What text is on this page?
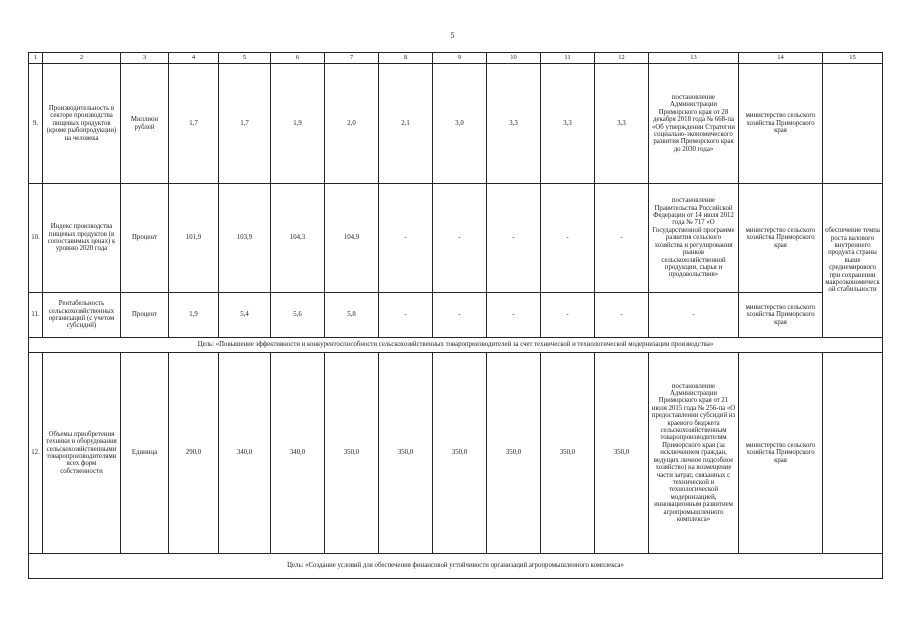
5
1	2	3	4	5	6	7	8	9	10	11	12	13	14	15
9.	Производительность в секторе производства пищевых продуктов (кроме рыбопродукции) на человека	Миллион рублей	1,7	1,7	1,9	2,0	2,1	3,0	3,3	3,3	3,3	постановление Администрации Приморского края от 28 декабря 2018 года № 668-па «Об утверждении Стратегии социально-экономического развития Приморского края до 2030 года»	министерство сельского хозяйства Приморского края	
10.	Индекс производства пищевых продуктов (в сопоставимых ценах) к уровню 2020 года	Процент	101,9	103,9	104,3	104,9	-	-	-	-	-	постановление Правительства Российской Федерации от 14 июля 2012 года № 717 «О Государственной программе развития сельского хозяйства и регулирования рынков сельскохозяйственной продукции, сырья и продовольствия»	министерство сельского хозяйства Приморского края	обеспечение темпа роста валового внутреннего продукта страны выше среднемирового при сохранении макроэкономической стабильности
11.	Рентабельность сельскохозяйственных организаций (с учетом субсидий)	Процент	1,9	5,4	5,6	5,8	-	-	-	-	-	-	министерство сельского хозяйства Приморского края	
Цель: «Повышение эффективности и конкурентоспособности сельскохозяйственных товаропроизводителей за счет технической и технологической модернизации производства»														
12.	Объемы приобретения техники и оборудования сельскохозяйственными товаропроизводителями всех форм собственности	Единица	290,0	340,0	340,0	350,0	350,0	350,0	350,0	350,0	350,0	постановление Администрации Приморского края от 21 июля 2015 года № 256-па «О предоставлении субсидий из краевого бюджета сельскохозяйственным товаропроизводителям Приморского края (за исключением граждан, ведущих личное подсобное хозяйство) на возмещение части затрат, связанных с технической и технологической модернизацией, инновационным развитием агропромышленного комплекса»	министерство сельского хозяйства Приморского края	
Цель: «Создание условий для обеспечения финансовой устойчивости организаций агропромышленного комплекса»														
